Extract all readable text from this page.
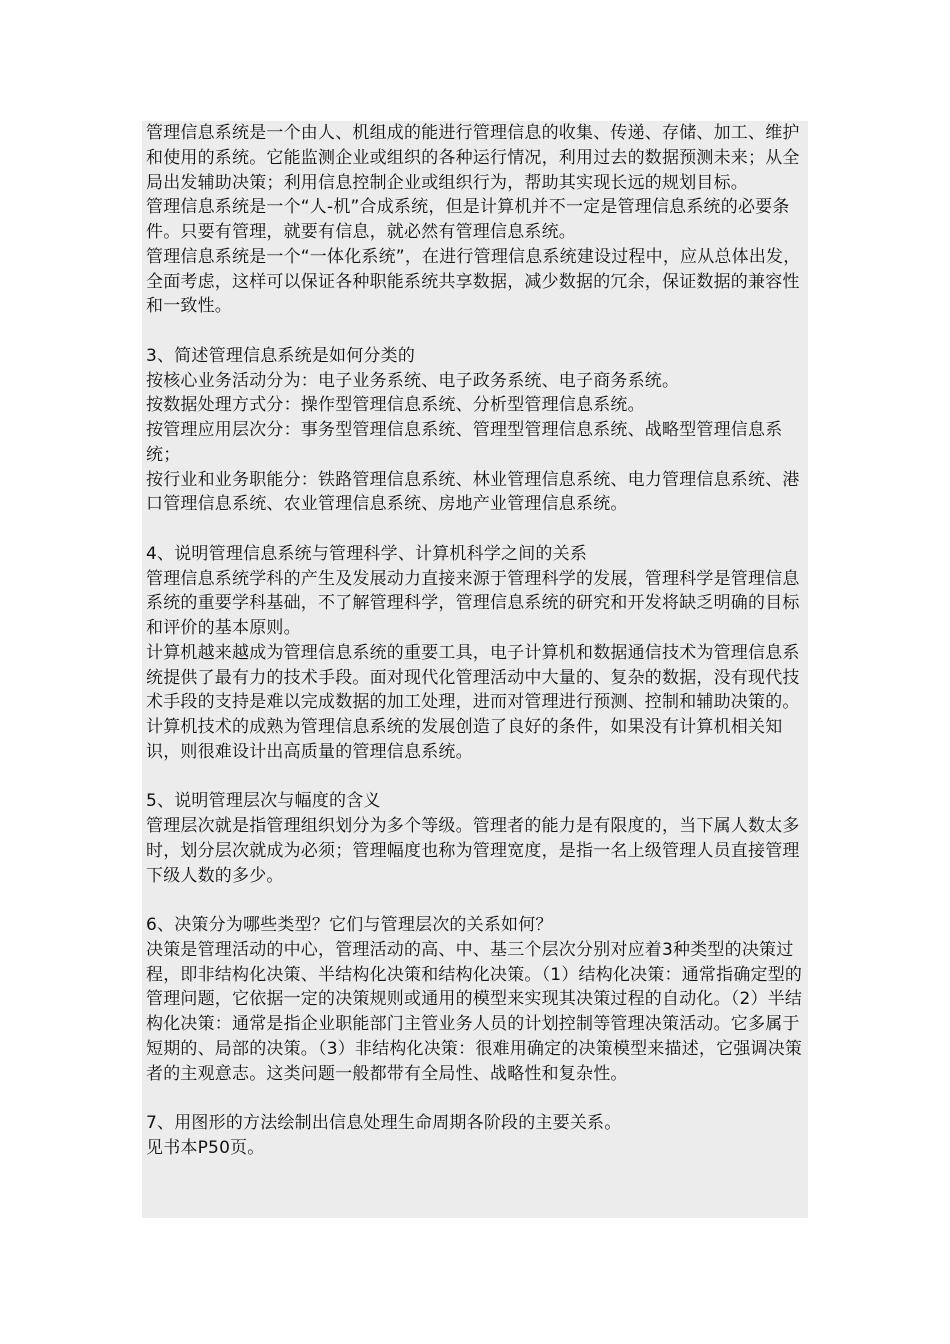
管理信息系统是一个由人、机组成的能进行管理信息的收集、传递、存储、加工、维护和使用的系统。它能监测企业或组织的各种运行情况，利用过去的数据预测未来；从全局出发辅助决策；利用信息控制企业或组织行为，帮助其实现长远的规划目标。

管理信息系统是一个“人-机”合成系统，但是计算机并不一定是管理信息系统的必要条件。只要有管理，就要有信息，就必然有管理信息系统。

管理信息系统是一个“一体化系统”，在进行管理信息系统建设过程中，应从总体出发，全面考虑，这样可以保证各种职能系统共享数据，减少数据的冗余，保证数据的兼容性和一致性。

3、简述管理信息系统是如何分类的

按核心业务活动分为：电子业务系统、电子政务系统、电子商务系统。

按数据处理方式分：操作型管理信息系统、分析型管理信息系统。

按管理应用层次分：事务型管理信息系统、管理型管理信息系统、战略型管理信息系统；

按行业和业务职能分：铁路管理信息系统、林业管理信息系统、电力管理信息系统、港口管理信息系统、农业管理信息系统、房地产业管理信息系统。

4、说明管理信息系统与管理科学、计算机科学之间的关系

管理信息系统学科的产生及发展动力直接来源于管理科学的发展，管理科学是管理信息系统的重要学科基础，不了解管理科学，管理信息系统的研究和开发将缺乏明确的目标和评价的基本原则。

计算机越来越成为管理信息系统的重要工具，电子计算机和数据通信技术为管理信息系统提供了最有力的技术手段。面对现代化管理活动中大量的、复杂的数据，没有现代技术手段的支持是难以完成数据的加工处理，进而对管理进行预测、控制和辅助决策的。计算机技术的成熟为管理信息系统的发展创造了良好的条件，如果没有计算机相关知识，则很难设计出高质量的管理信息系统。

5、说明管理层次与幅度的含义

管理层次就是指管理组织划分为多个等级。管理者的能力是有限度的，当下属人数太多时，划分层次就成为必须；管理幅度也称为管理宽度，是指一名上级管理人员直接管理下级人数的多少。

6、决策分为哪些类型？它们与管理层次的关系如何？

决策是管理活动的中心，管理活动的高、中、基三个层次分别对应着3种类型的决策过程，即非结构化决策、半结构化决策和结构化决策。（1）结构化决策：通常指确定型的管理问题，它依据一定的决策规则或通用的模型来实现其决策过程的自动化。（2）半结构化决策：通常是指企业职能部门主管业务人员的计划控制等管理决策活动。它多属于短期的、局部的决策。（3）非结构化决策：很难用确定的决策模型来描述，它强调决策者的主观意志。这类问题一般都带有全局性、战略性和复杂性。

7、用图形的方法绘制出信息处理生命周期各阶段的主要关系。

见书本P50页。
